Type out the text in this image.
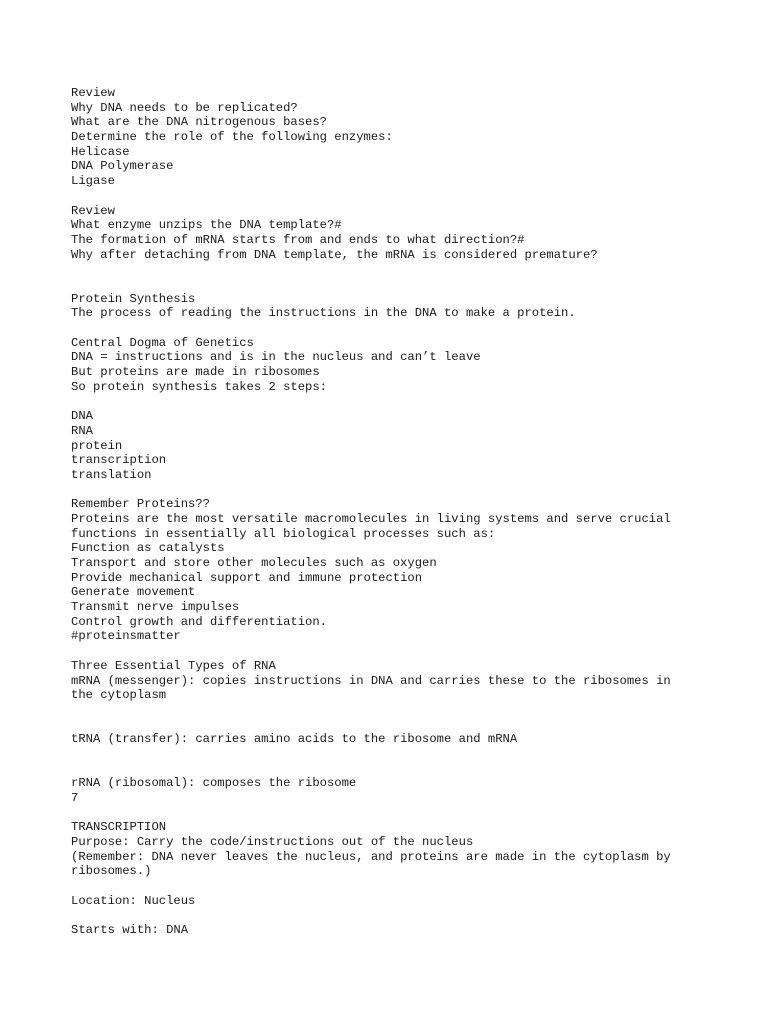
Review
Why DNA needs to be replicated?
What are the DNA nitrogenous bases?
Determine the role of the following enzymes:
Helicase
DNA Polymerase
Ligase
Review
What enzyme unzips the DNA template?#
The formation of mRNA starts from and ends to what direction?#
Why after detaching from DNA template, the mRNA is considered premature?
Protein Synthesis
The process of reading the instructions in the DNA to make a protein.
Central Dogma of Genetics
DNA = instructions and is in the nucleus and can’t leave
But proteins are made in ribosomes
So protein synthesis takes 2 steps:
DNA
RNA
protein
transcription
translation
Remember Proteins??
Proteins are the most versatile macromolecules in living systems and serve crucial
functions in essentially all biological processes such as:
Function as catalysts
Transport and store other molecules such as oxygen
Provide mechanical support and immune protection
Generate movement
Transmit nerve impulses
Control growth and differentiation.
#proteinsmatter
Three Essential Types of RNA
mRNA (messenger): copies instructions in DNA and carries these to the ribosomes in
the cytoplasm
tRNA (transfer): carries amino acids to the ribosome and mRNA
rRNA (ribosomal): composes the ribosome
7
TRANSCRIPTION
Purpose: Carry the code/instructions out of the nucleus
(Remember: DNA never leaves the nucleus, and proteins are made in the cytoplasm by
ribosomes.)
Location: Nucleus
Starts with: DNA
